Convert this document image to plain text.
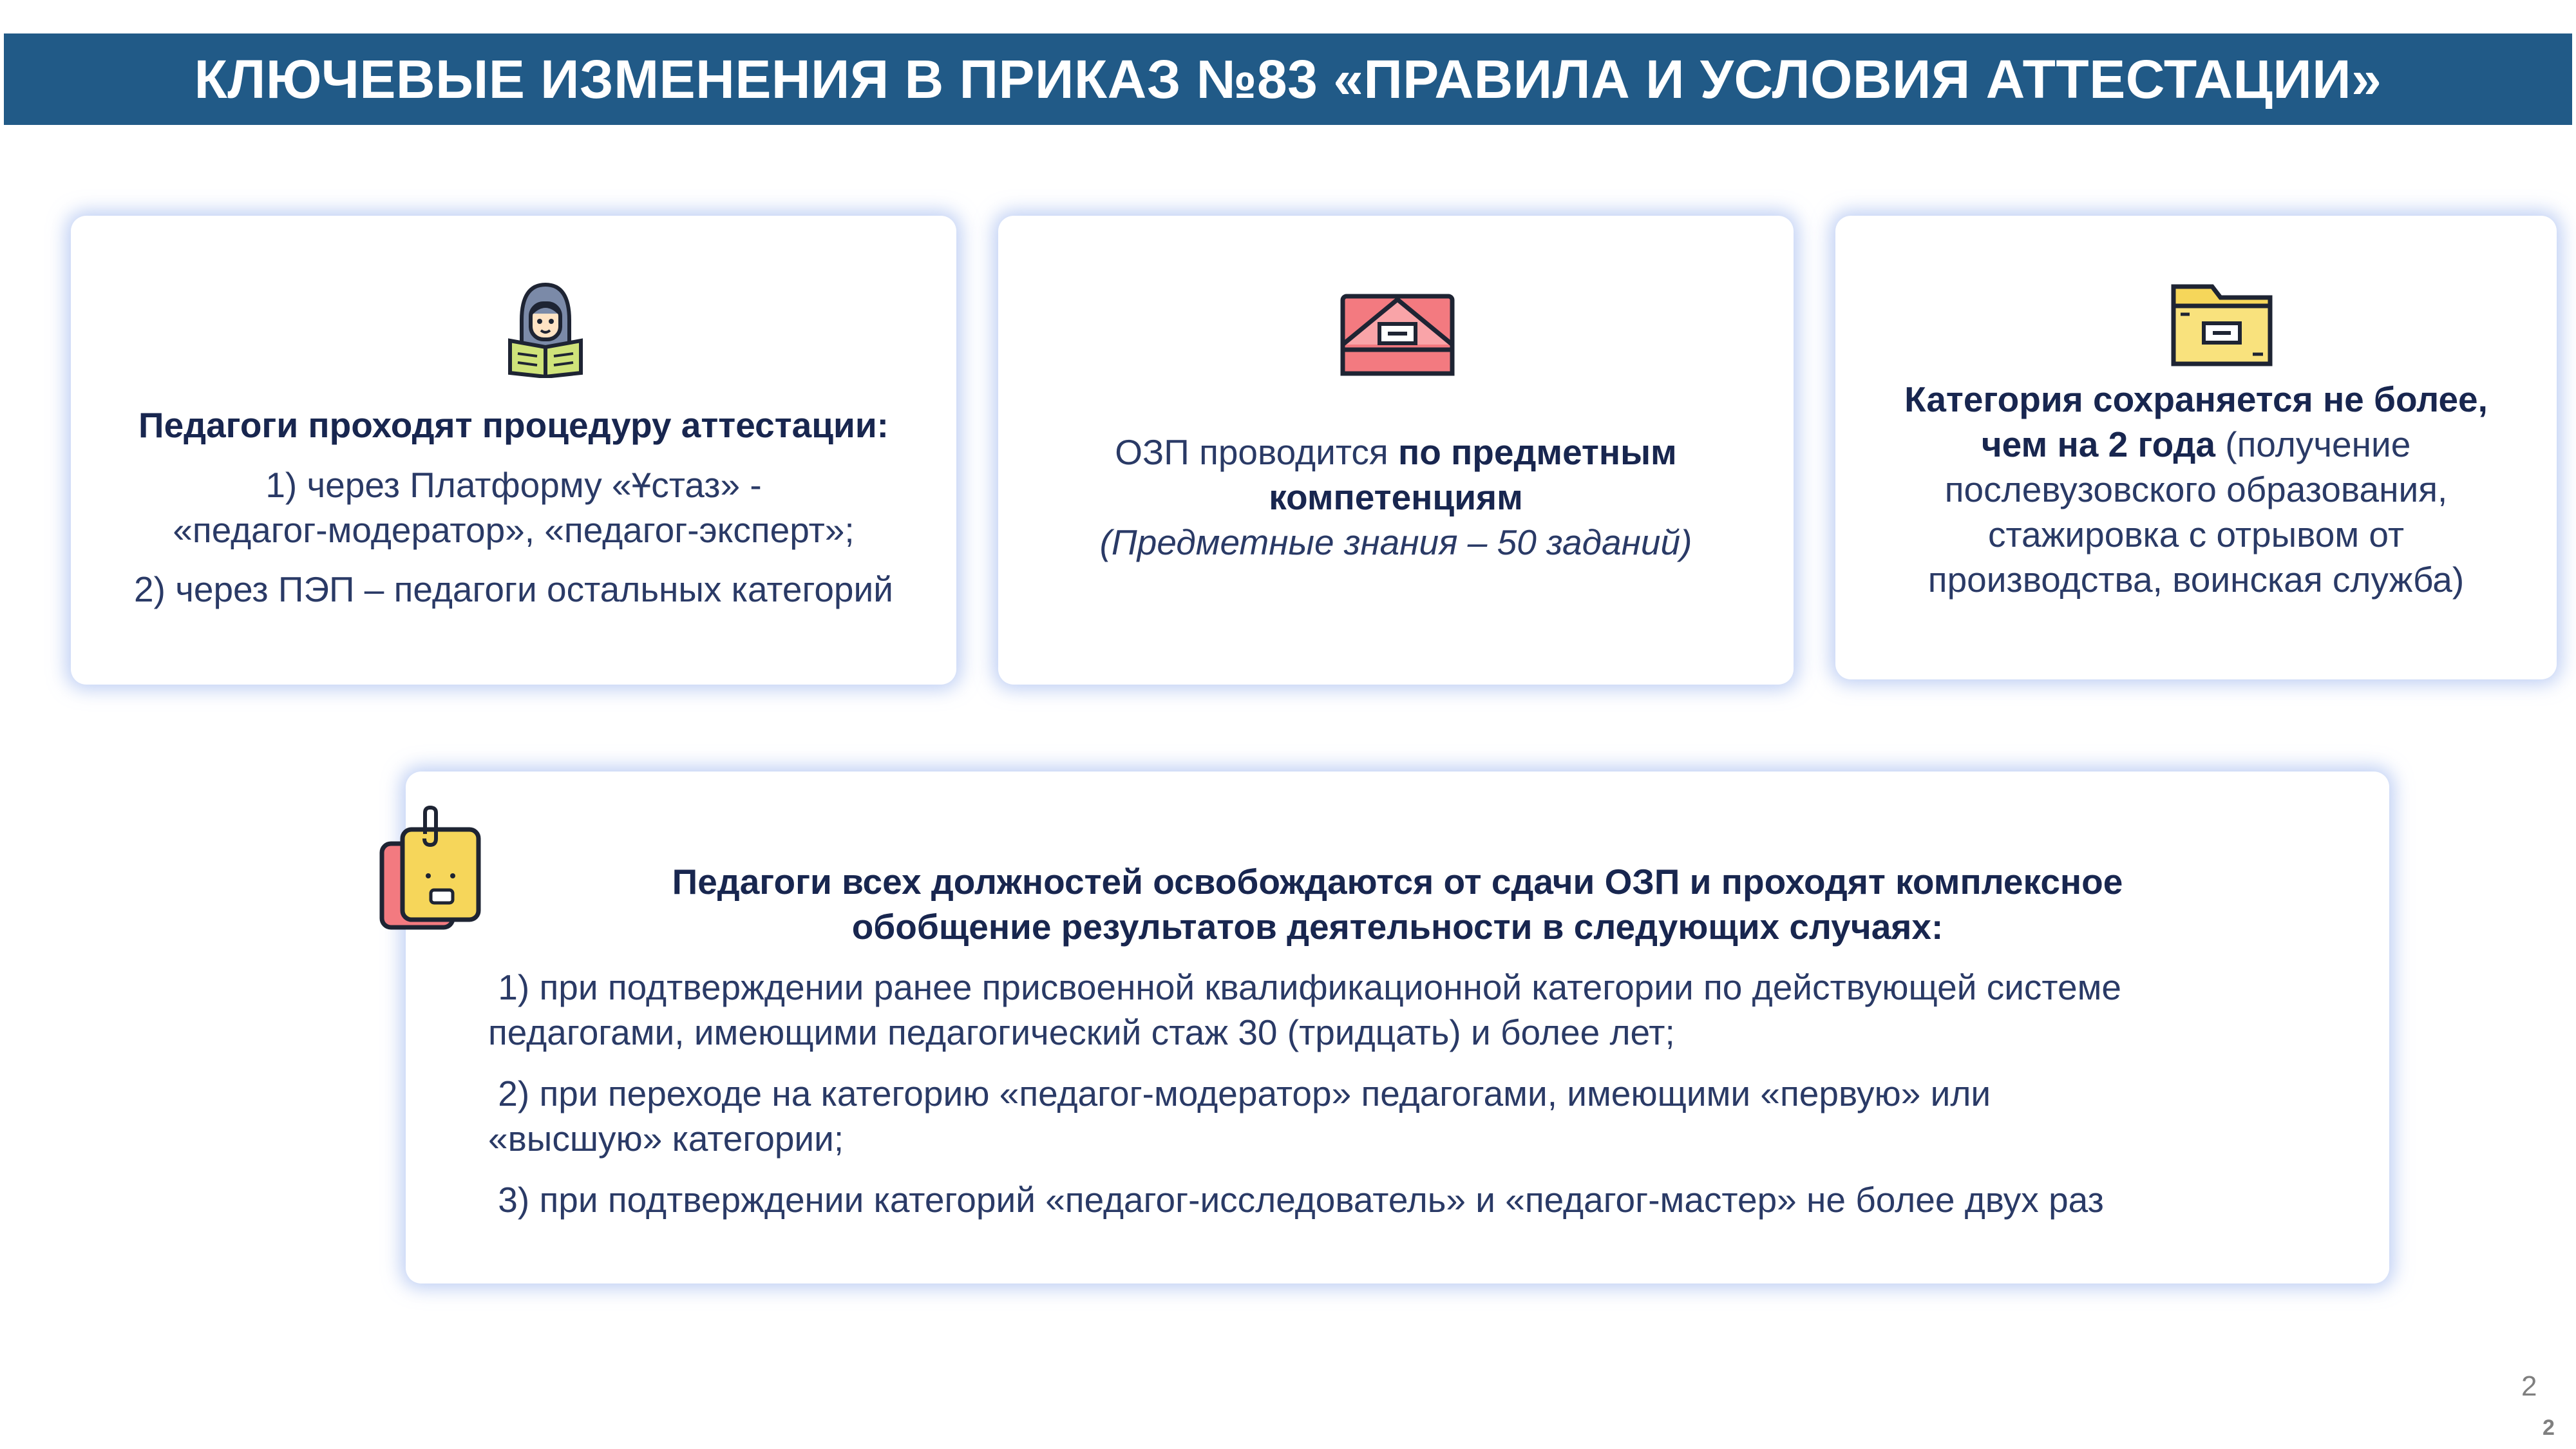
КЛЮЧЕВЫЕ ИЗМЕНЕНИЯ В ПРИКАЗ №83 «ПРАВИЛА И УСЛОВИЯ АТТЕСТАЦИИ»
Педагоги проходят процедуру аттестации:
1) через Платформу «Ұстаз» -
«педагог-модератор», «педагог-эксперт»;
2) через ПЭП – педагоги остальных категорий
ОЗП проводится по предметным
компетенциям
(Предметные знания – 50 заданий)
Категория сохраняется не более,
чем на 2 года (получение
послевузовского образования,
стажировка с отрывом от
производства, воинская служба)
Педагоги всех должностей освобождаются от сдачи ОЗП и проходят комплексное
обобщение результатов деятельности в следующих случаях:

1) при подтверждении ранее присвоенной квалификационной категории по действующей системе

педагогами, имеющими педагогический стаж 30 (тридцать) и более лет;

2) при переходе на категорию «педагог-модератор» педагогами, имеющими «первую» или

«высшую» категории;

3) при подтверждении категорий «педагог-исследователь» и «педагог-мастер» не более двух раз

2
2
